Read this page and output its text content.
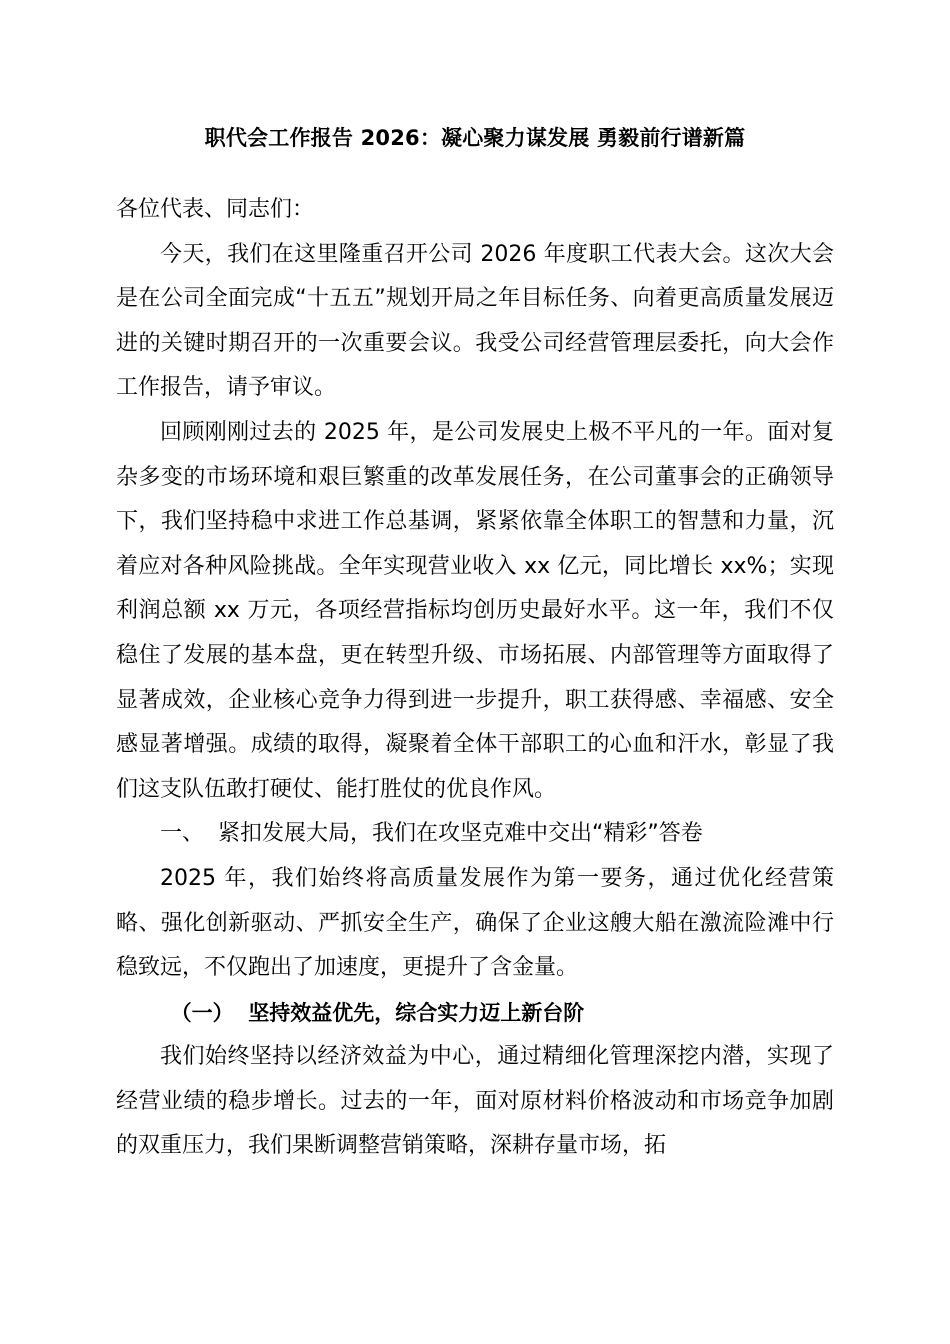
职代会工作报告 2026：凝心聚力谋发展 勇毅前行谱新篇

各位代表、同志们：

今天，我们在这里隆重召开公司 2026 年度职工代表大会。这次大会是在公司全面完成“十五五”规划开局之年目标任务、向着更高质量发展迈进的关键时期召开的一次重要会议。我受公司经营管理层委托，向大会作工作报告，请予审议。

回顾刚刚过去的 2025 年，是公司发展史上极不平凡的一年。面对复杂多变的市场环境和艰巨繁重的改革发展任务，在公司董事会的正确领导下，我们坚持稳中求进工作总基调，紧紧依靠全体职工的智慧和力量，沉着应对各种风险挑战。全年实现营业收入 xx 亿元，同比增长 xx%；实现利润总额 xx 万元，各项经营指标均创历史最好水平。这一年，我们不仅稳住了发展的基本盘，更在转型升级、市场拓展、内部管理等方面取得了显著成效，企业核心竞争力得到进一步提升，职工获得感、幸福感、安全感显著增强。成绩的取得，凝聚着全体干部职工的心血和汗水，彰显了我们这支队伍敢打硬仗、能打胜仗的优良作风。

一、  紧扣发展大局，我们在攻坚克难中交出“精彩”答卷

2025 年，我们始终将高质量发展作为第一要务，通过优化经营策略、强化创新驱动、严抓安全生产，确保了企业这艘大船在激流险滩中行稳致远，不仅跑出了加速度，更提升了含金量。

（一）  坚持效益优先，综合实力迈上新台阶

我们始终坚持以经济效益为中心，通过精细化管理深挖内潜，实现了经营业绩的稳步增长。过去的一年，面对原材料价格波动和市场竞争加剧的双重压力，我们果断调整营销策略，深耕存量市场，拓
